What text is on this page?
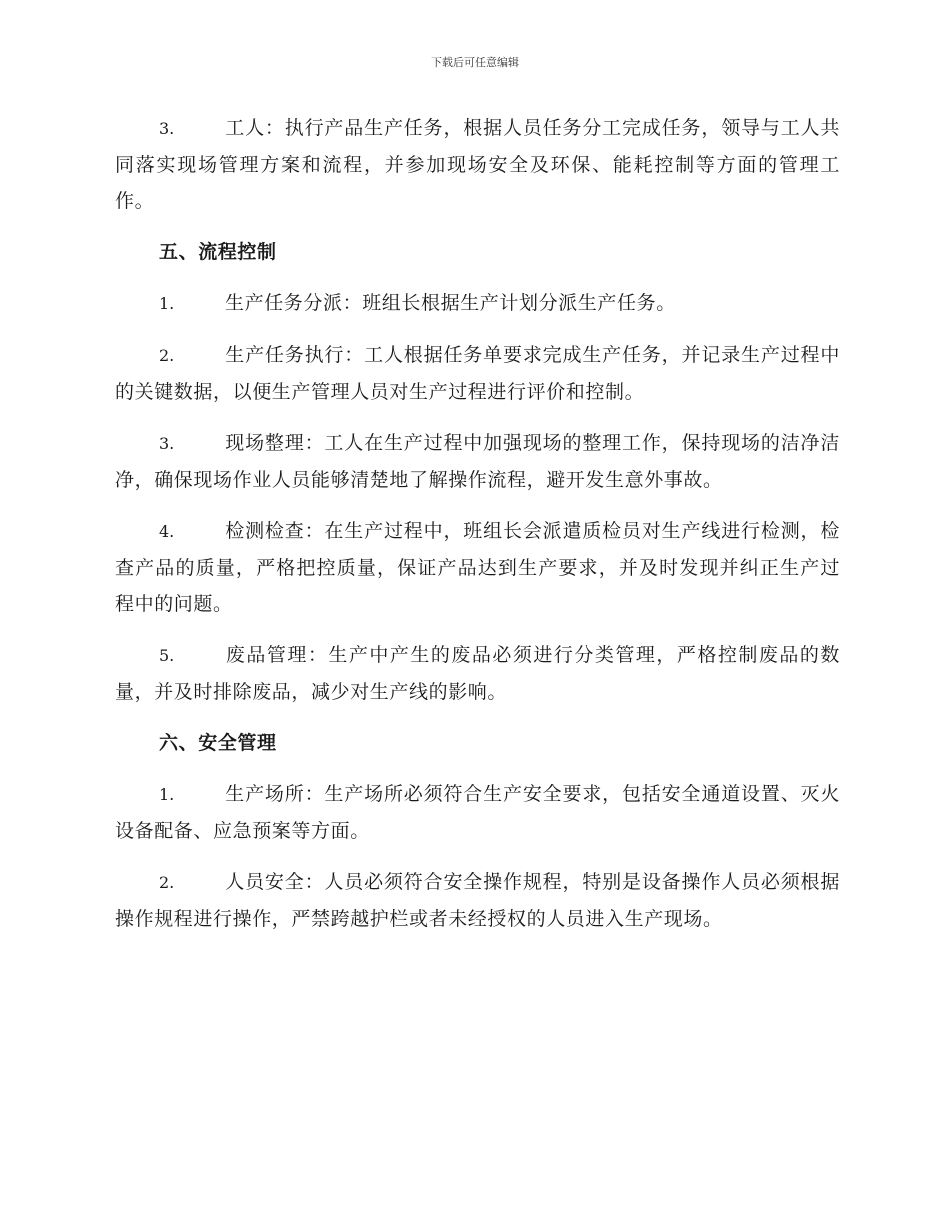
下载后可任意编辑

3.	工人：执行产品生产任务，根据人员任务分工完成任务，领导与工人共同落实现场管理方案和流程，并参加现场安全及环保、能耗控制等方面的管理工作。

五、流程控制

1.	生产任务分派：班组长根据生产计划分派生产任务。

2.	生产任务执行：工人根据任务单要求完成生产任务，并记录生产过程中的关键数据，以便生产管理人员对生产过程进行评价和控制。

3.	现场整理：工人在生产过程中加强现场的整理工作，保持现场的洁净洁净，确保现场作业人员能够清楚地了解操作流程，避开发生意外事故。

4.	检测检查：在生产过程中，班组长会派遣质检员对生产线进行检测，检查产品的质量，严格把控质量，保证产品达到生产要求，并及时发现并纠正生产过程中的问题。

5.	废品管理：生产中产生的废品必须进行分类管理，严格控制废品的数量，并及时排除废品，减少对生产线的影响。

六、安全管理

1.	生产场所：生产场所必须符合生产安全要求，包括安全通道设置、灭火设备配备、应急预案等方面。

2.	人员安全：人员必须符合安全操作规程，特别是设备操作人员必须根据操作规程进行操作，严禁跨越护栏或者未经授权的人员进入生产现场。
